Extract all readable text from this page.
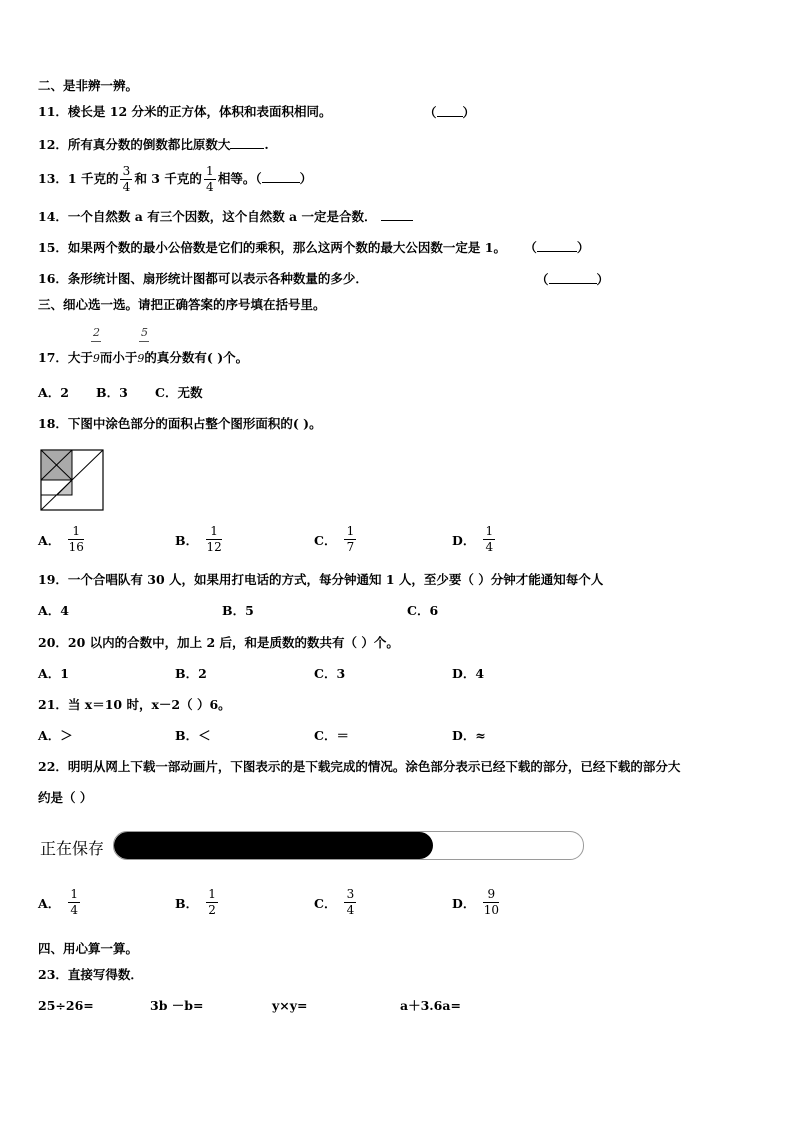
二、是非辨一辨。
11．棱长是 12 分米的正方体，体积和表面积相同。	（ ）
12．所有真分数的倒数都比原数大	.
13．1 千克的 $\frac{3}{4}$ 和 3 千克的 $\frac{1}{4}$ 相等。（	）
14．一个自然数 a 有三个因数，这个自然数 a 一定是合数．
15．如果两个数的最小公倍数是它们的乘积，那么这两个数的最大公因数一定是 1。 （	）
16．条形统计图、扇形统计图都可以表示各种数量的多少．	（	）
三、细心选一选。请把正确答案的序号填在括号里。
2	5
17．大于9而小于9的真分数有( )个。
A．2 B．3 C．无数
18．下图中涂色部分的面积占整个图形面积的( )。
A． $\frac{1}{16}$	B． $\frac{1}{12}$	C． $\frac{1}{7}$	D． $\frac{1}{4}$
19．一个合唱队有 30 人，如果用打电话的方式，每分钟通知 1 人，至少要（ ）分钟才能通知每个人
A．4	B．5	C．6
20．20 以内的合数中，加上 2 后，和是质数的数共有（ ）个。
A．1	B．2	C．3	D．4
21．当 x＝10 时，x－2（ ）6。
A．＞	B．＜	C．＝	D．≈
22．明明从网上下载一部动画片，下图表示的是下载完成的情况。涂色部分表示已经下载的部分，已经下载的部分大
约是（ ）
正在保存
A． $\frac{1}{4}$	B． $\frac{1}{2}$	C． $\frac{3}{4}$	D． $\frac{9}{10}$
四、用心算一算。
23．直接写得数．
25÷26=	3b －b=	y×y=	a＋3.6a=
